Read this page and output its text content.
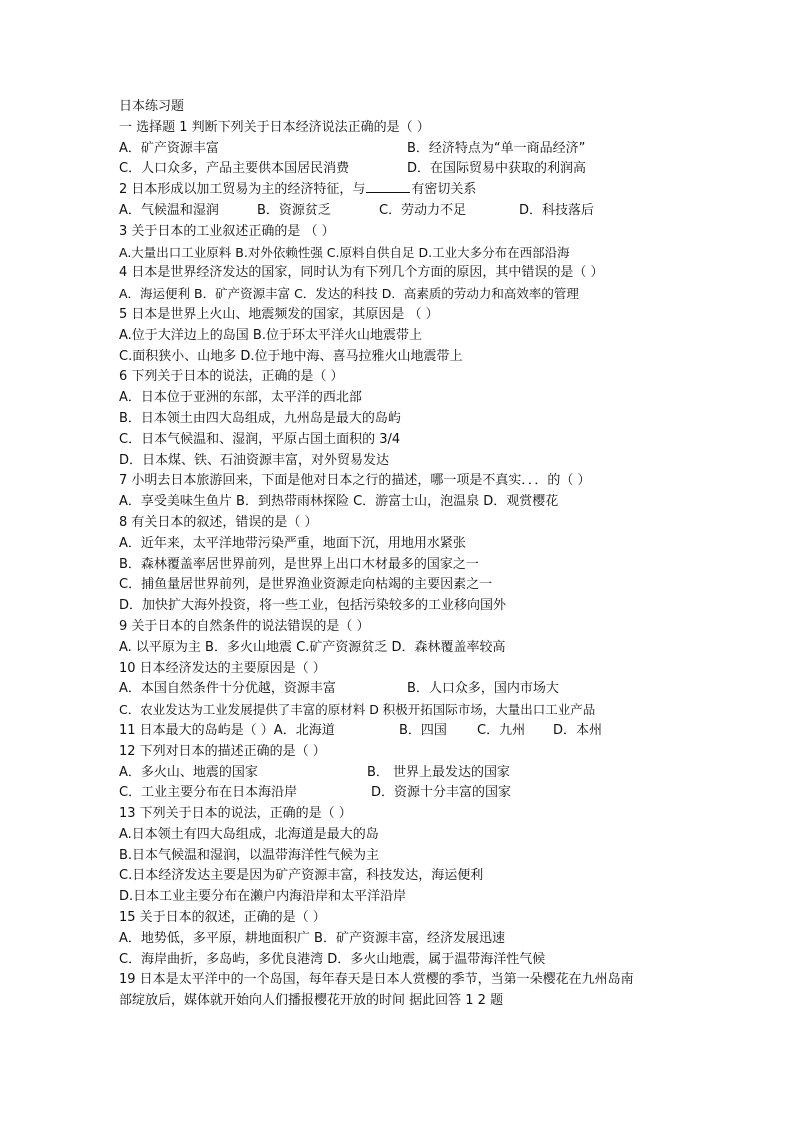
日本练习题
一 选择题 1 判断下列关于日本经济说法正确的是（ ）
A．矿产资源丰富	B．经济特点为“单一商品经济”
C．人口众多，产品主要供本国居民消费	D．在国际贸易中获取的利润高
2 日本形成以加工贸易为主的经济特征，与	有密切关系
A．气候温和湿润	B．资源贫乏	C．劳动力不足	D．科技落后
3 关于日本的工业叙述正确的是 （ ）
A.大量出口工业原料 B.对外依赖性强 C.原料自供自足 D.工业大多分布在西部沿海
4 日本是世界经济发达的国家，同时认为有下列几个方面的原因，其中错误的是（ ）
A．海运便利 B．矿产资源丰富 C．发达的科技 D．高素质的劳动力和高效率的管理
5 日本是世界上火山、地震频发的国家，其原因是 （ ）
A.位于大洋边上的岛国 B.位于环太平洋火山地震带上
C.面积狭小、山地多 D.位于地中海、喜马拉雅火山地震带上
6 下列关于日本的说法，正确的是（ ）
A．日本位于亚洲的东部，太平洋的西北部
B．日本领土由四大岛组成，九州岛是最大的岛屿
C．日本气候温和、湿润，平原占国土面积的 3/4
D．日本煤、铁、石油资源丰富，对外贸易发达
7 小明去日本旅游回来，下面是他对日本之行的描述，哪一项是不真实．．．的（ ）
A．享受美味生鱼片 B．到热带雨林探险 C．游富士山，泡温泉 D．观赏樱花
8 有关日本的叙述，错误的是（ ）
A．近年来，太平洋地带污染严重，地面下沉，用地用水紧张
B．森林覆盖率居世界前列，是世界上出口木材最多的国家之一
C．捕鱼量居世界前列，是世界渔业资源走向枯竭的主要因素之一
D．加快扩大海外投资，将一些工业，包括污染较多的工业移向国外
9 关于日本的自然条件的说法错误的是（ ）
A. 以平原为主 B．多火山地震 C.矿产资源贫乏 D．森林覆盖率较高
10 日本经济发达的主要原因是（ ）
A．本国自然条件十分优越，资源丰富	B．人口众多，国内市场大
C．农业发达为工业发展提供了丰富的原材料 D 积极开拓国际市场，大量出口工业产品
11 日本最大的岛屿是（ ）A．北海道	B．四国	C．九州	D．本州
12 下列对日本的描述正确的是（ ）
A．多火山、地震的国家	B． 世界上最发达的国家
C．工业主要分布在日本海沿岸	D．资源十分丰富的国家
13 下列关于日本的说法，正确的是（ ）
A.日本领土有四大岛组成，北海道是最大的岛
B.日本气候温和湿润，以温带海洋性气候为主
C.日本经济发达主要是因为矿产资源丰富，科技发达，海运便利
D.日本工业主要分布在濑户内海沿岸和太平洋沿岸
15 关于日本的叙述，正确的是（ ）
A．地势低，多平原，耕地面积广 B．矿产资源丰富，经济发展迅速
C．海岸曲折，多岛屿，多优良港湾 D．多火山地震，属于温带海洋性气候
19 日本是太平洋中的一个岛国，每年春天是日本人赏樱的季节，当第一朵樱花在九州岛南
部绽放后，媒体就开始向人们播报樱花开放的时间 据此回答 1 2 题
